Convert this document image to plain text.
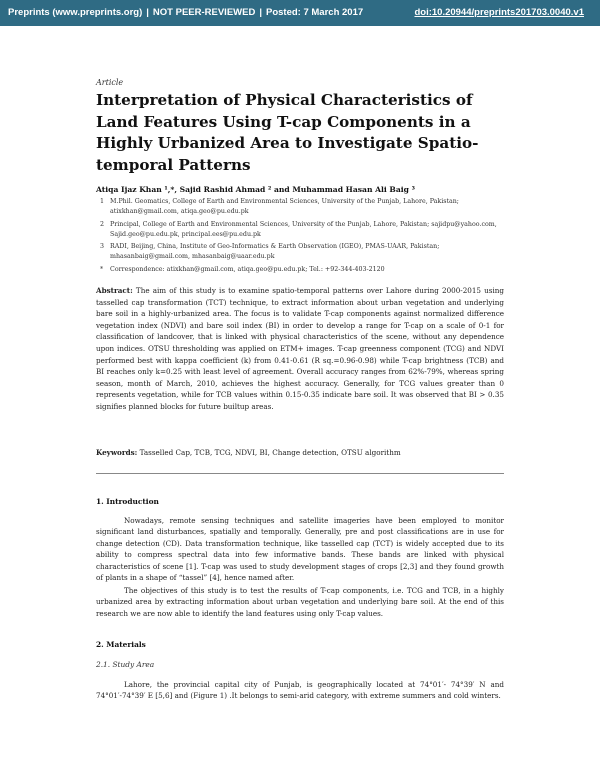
Preprints (www.preprints.org) | NOT PEER-REVIEWED | Posted: 7 March 2017	doi:10.20944/preprints201703.0040.v1
Article
Interpretation of Physical Characteristics of Land Features Using T-cap Components in a Highly Urbanized Area to Investigate Spatio-temporal Patterns
Atiqa Ijaz Khan ¹,*, Sajid Rashid Ahmad ² and Muhammad Hasan Ali Baig ³
1 M.Phil. Geomatics, College of Earth and Environmental Sciences, University of the Punjab, Lahore, Pakistan; atixkhan@gmail.com, atiqa.geo@pu.edu.pk
2 Principal, College of Earth and Environmental Sciences, University of the Punjab, Lahore, Pakistan; sajidpu@yahoo.com, Sajid.geo@pu.edu.pk, principal.ees@pu.edu.pk
3 RADI, Beijing, China, Institute of Geo-Informatics & Earth Observation (IGEO), PMAS-UAAR, Pakistan; mhasanbaig@gmail.com, mhasanbaig@uaar.edu.pk
* Correspondence: atixkhan@gmail.com, atiqa.geo@pu.edu.pk; Tel.: +92-344-403-2120

Abstract: The aim of this study is to examine spatio-temporal patterns over Lahore during 2000-2015 using tasselled cap transformation (TCT) technique, to extract information about urban vegetation and underlying bare soil in a highly-urbanized area. The focus is to validate T-cap components against normalized difference vegetation index (NDVI) and bare soil index (BI) in order to develop a range for T-cap on a scale of 0-1 for classification of landcover, that is linked with physical characteristics of the scene, without any dependence upon indices. OTSU thresholding was applied on ETM+ images. T-cap greenness component (TCG) and NDVI performed best with kappa coefficient (k) from 0.41-0.61 (R sq.=0.96-0.98) while T-cap brightness (TCB) and BI reaches only k=0.25 with least level of agreement. Overall accuracy ranges from 62%-79%, whereas spring season, month of March, 2010, achieves the highest accuracy. Generally, for TCG values greater than 0 represents vegetation, while for TCB values within 0.15-0.35 indicate bare soil. It was observed that BI > 0.35 signifies planned blocks for future builtup areas.

Keywords: Tasselled Cap, TCB, TCG, NDVI, BI, Change detection, OTSU algorithm
1. Introduction

Nowadays, remote sensing techniques and satellite imageries have been employed to monitor significant land disturbances, spatially and temporally. Generally, pre and post classifications are in use for change detection (CD). Data transformation technique, like tasselled cap (TCT) is widely accepted due to its ability to compress spectral data into few informative bands. These bands are linked with physical characteristics of scene [1]. T-cap was used to study development stages of crops [2,3] and they found growth of plants in a shape of “tassel” [4], hence named after.

The objectives of this study is to test the results of T-cap components, i.e. TCG and TCB, in a highly urbanized area by extracting information about urban vegetation and underlying bare soil. At the end of this research we are now able to identify the land features using only T-cap values.

2. Materials
2.1. Study Area

Lahore, the provincial capital city of Punjab, is geographically located at 74°01′- 74°39′ N and 74°01′-74°39′ E [5,6] and (Figure 1) .It belongs to semi-arid category, with extreme summers and cold winters.
